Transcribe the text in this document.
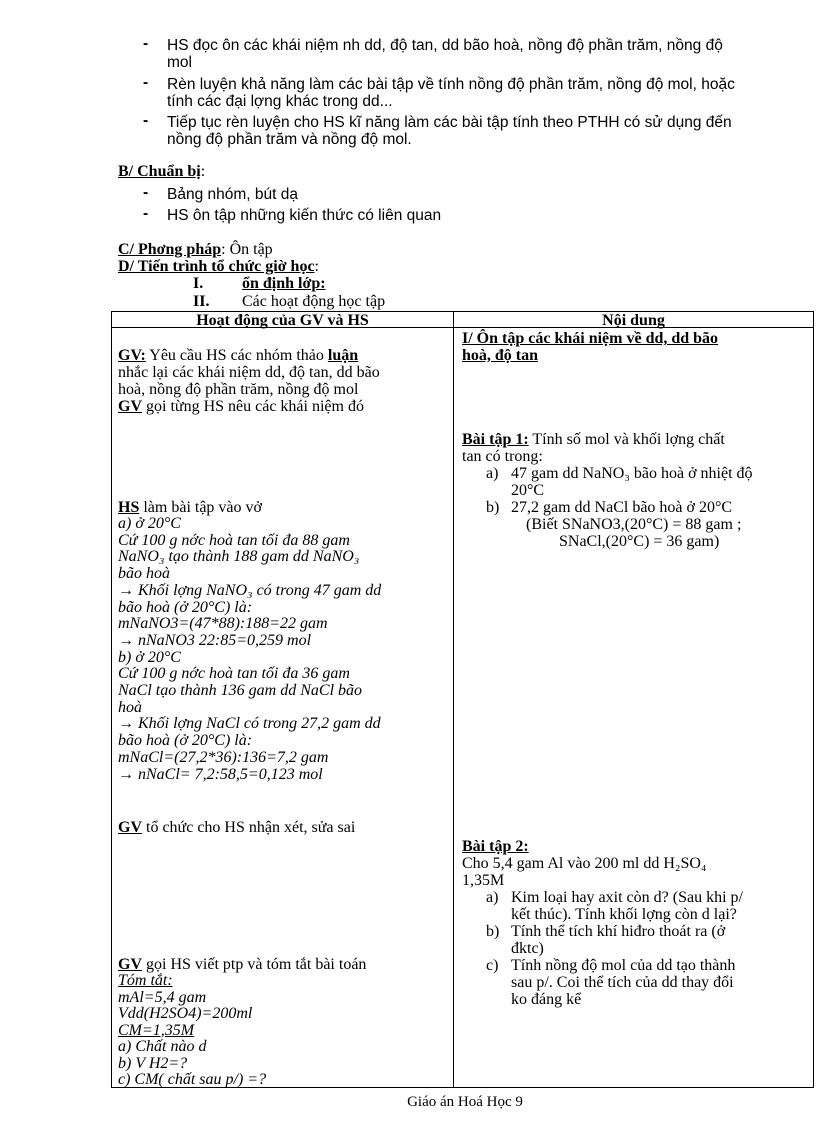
- HS đọc ôn các khái niệm nh dd, độ tan, dd bão hoà, nồng độ phần trăm, nồng độ
mol
- Rèn luyện khả năng làm các bài tập về tính nồng độ phần trăm, nồng độ mol, hoặc
tính các đại lợng khác trong dd...
- Tiếp tục rèn luyện cho HS kĩ năng làm các bài tập tính theo PTHH có sử dụng đến
nồng độ phần trăm và nồng độ mol.
B/ Chuẩn bị:
- Bảng nhóm, bút dạ
- HS ôn tập những kiến thức có liên quan
C/ Phơng pháp: Ôn tập
D/ Tiến trình tổ chức giờ học:
I. ổn định lớp:
II. Các hoạt động học tập
Hoạt động của GV và HS	Nội dung
GV: Yêu cầu HS các nhóm thảo luận
nhắc lại các khái niệm dd, độ tan, dd bão
hoà, nồng độ phần trăm, nồng độ mol
GV gọi từng HS nêu các khái niệm đó
HS làm bài tập vào vở
a) ở 20°C
Cứ 100 g nớc hoà tan tối đa 88 gam
NaNO₃ tạo thành 188 gam dd NaNO₃
bão hoà
→ Khối lợng NaNO₃ có trong 47 gam dd
bão hoà (ở 20°C) là:
mNaNO3=(47*88):188=22 gam
→ nNaNO3 22:85=0,259 mol
b) ở 20°C
Cứ 100 g nớc hoà tan tối đa 36 gam
NaCl tạo thành 136 gam dd NaCl bão
hoà
→ Khối lợng NaCl có trong 27,2 gam dd
bão hoà (ở 20°C) là:
mNaCl=(27,2*36):136=7,2 gam
→ nNaCl= 7,2:58,5=0,123 mol
GV tổ chức cho HS nhận xét, sửa sai
GV gọi HS viết ptp và tóm tắt bài toán
Tóm tắt:
mAl=5,4 gam
Vdd(H2SO4)=200ml
CM=1,35M
a) Chất nào d
b) V H2=?
c) CM( chất sau p/) =?
I/ Ôn tập các khái niệm về dd, dd bão
hoà, độ tan
Bài tập 1: Tính số mol và khối lợng chất
tan có trong:
a) 47 gam dd NaNO₃ bão hoà ở nhiệt độ

20°C
b) 27,2 gam dd NaCl bão hoà ở 20°C
(Biết SNaNO3,(20°C) = 88 gam ;
SNaCl,(20°C) = 36 gam)
Bài tập 2:
Cho 5,4 gam Al vào 200 ml dd H₂SO₄
1,35M
a) Kim loại hay axit còn d? (Sau khi p/

kết thúc). Tính khối lợng còn d lại?
b) Tính thể tích khí hiđro thoát ra (ở

đktc)
c) Tính nồng độ mol của dd tạo thành

sau p/. Coi thể tích của dd thay đổi

ko đáng kể
Giáo án Hoá Học 9
